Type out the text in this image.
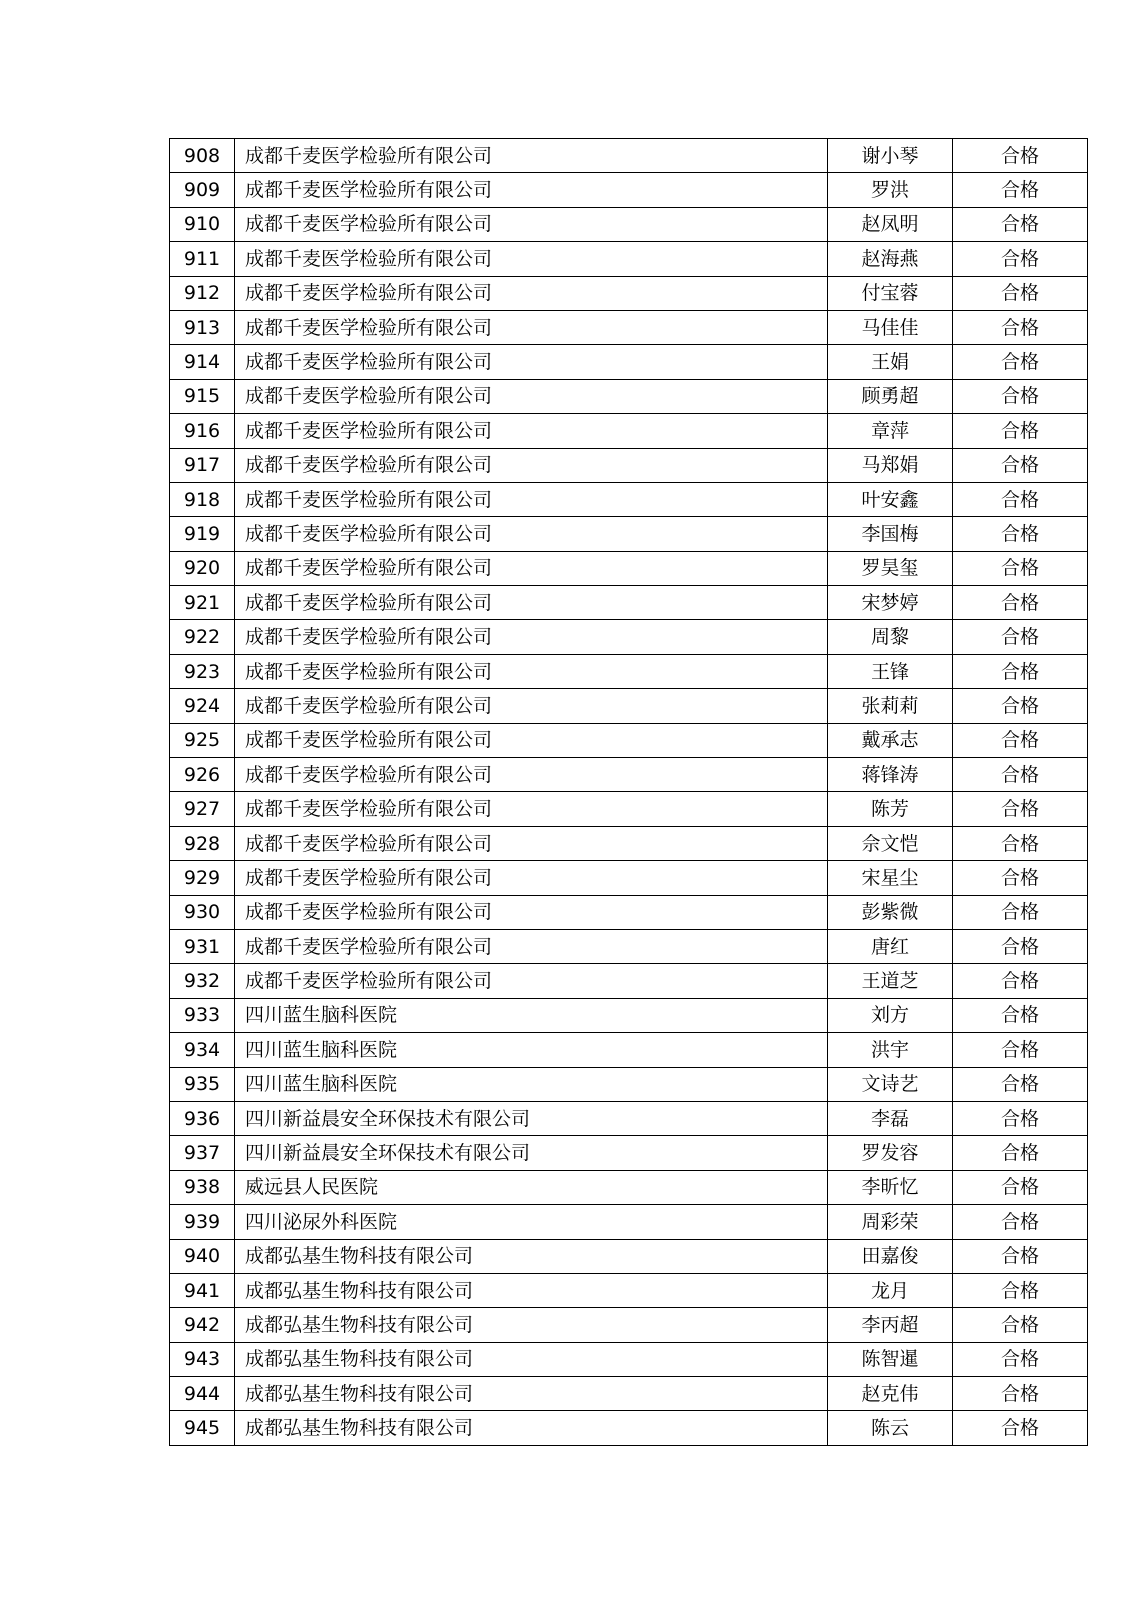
908	成都千麦医学检验所有限公司	谢小琴	合格
909	成都千麦医学检验所有限公司	罗洪	合格
910	成都千麦医学检验所有限公司	赵凤明	合格
911	成都千麦医学检验所有限公司	赵海燕	合格
912	成都千麦医学检验所有限公司	付宝蓉	合格
913	成都千麦医学检验所有限公司	马佳佳	合格
914	成都千麦医学检验所有限公司	王娟	合格
915	成都千麦医学检验所有限公司	顾勇超	合格
916	成都千麦医学检验所有限公司	章萍	合格
917	成都千麦医学检验所有限公司	马郑娟	合格
918	成都千麦医学检验所有限公司	叶安鑫	合格
919	成都千麦医学检验所有限公司	李国梅	合格
920	成都千麦医学检验所有限公司	罗昊玺	合格
921	成都千麦医学检验所有限公司	宋梦婷	合格
922	成都千麦医学检验所有限公司	周黎	合格
923	成都千麦医学检验所有限公司	王锋	合格
924	成都千麦医学检验所有限公司	张莉莉	合格
925	成都千麦医学检验所有限公司	戴承志	合格
926	成都千麦医学检验所有限公司	蒋锋涛	合格
927	成都千麦医学检验所有限公司	陈芳	合格
928	成都千麦医学检验所有限公司	佘文恺	合格
929	成都千麦医学检验所有限公司	宋星尘	合格
930	成都千麦医学检验所有限公司	彭紫微	合格
931	成都千麦医学检验所有限公司	唐红	合格
932	成都千麦医学检验所有限公司	王道芝	合格
933	四川蓝生脑科医院	刘方	合格
934	四川蓝生脑科医院	洪宇	合格
935	四川蓝生脑科医院	文诗艺	合格
936	四川新益晨安全环保技术有限公司	李磊	合格
937	四川新益晨安全环保技术有限公司	罗发容	合格
938	威远县人民医院	李昕忆	合格
939	四川泌尿外科医院	周彩荣	合格
940	成都弘基生物科技有限公司	田嘉俊	合格
941	成都弘基生物科技有限公司	龙月	合格
942	成都弘基生物科技有限公司	李丙超	合格
943	成都弘基生物科技有限公司	陈智暹	合格
944	成都弘基生物科技有限公司	赵克伟	合格
945	成都弘基生物科技有限公司	陈云	合格
